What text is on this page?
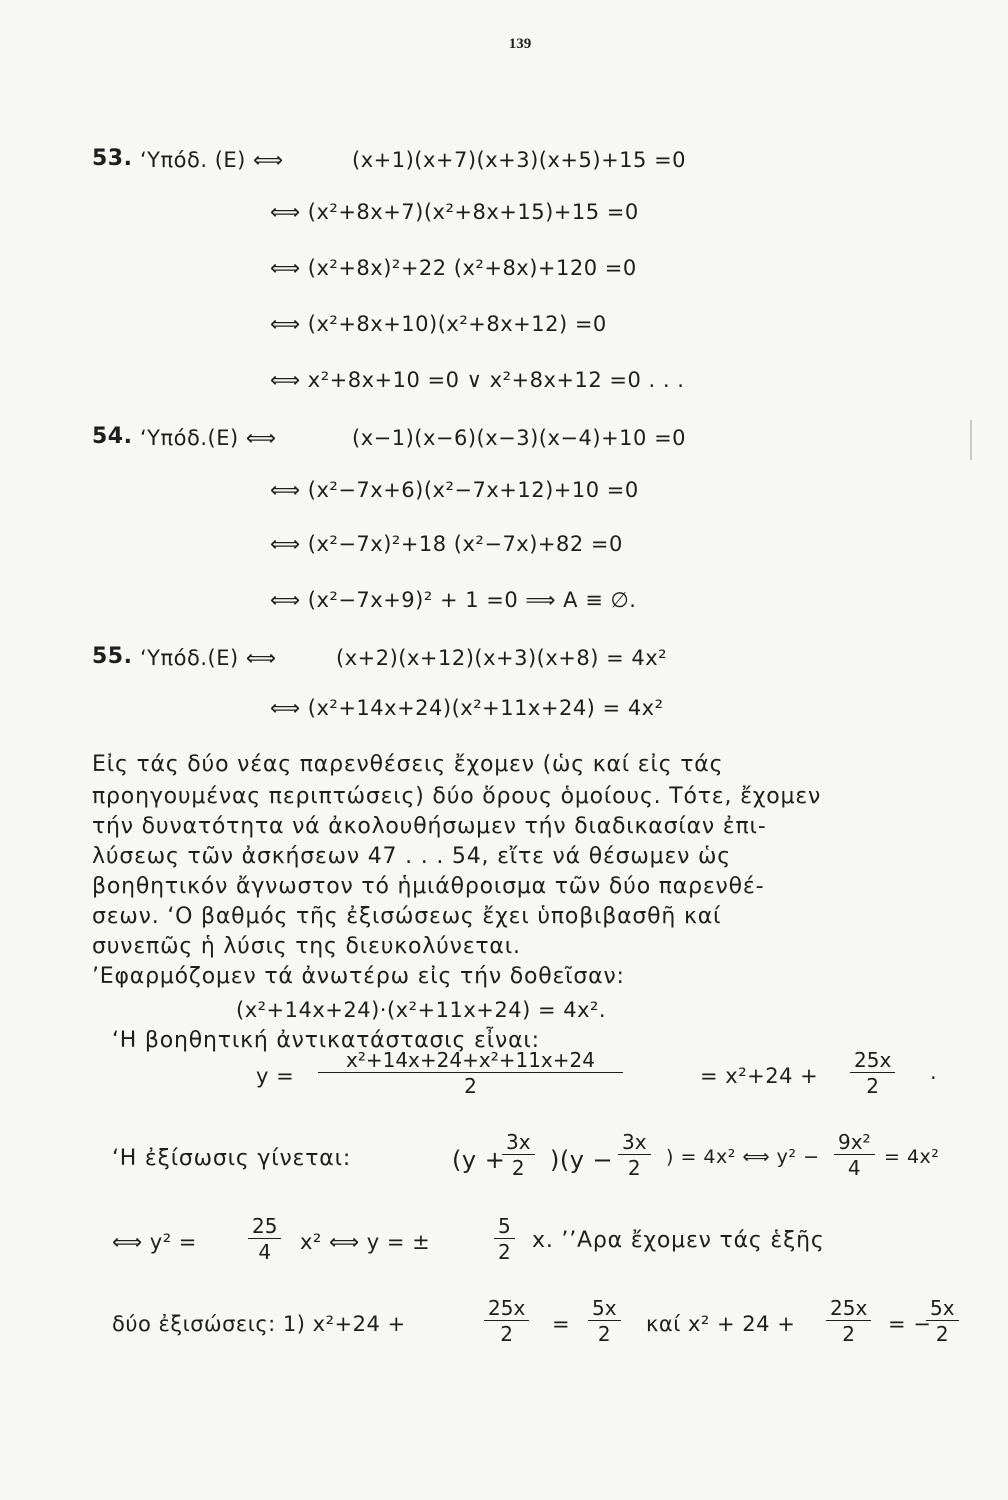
139
53. ‘Υπόδ. (Ε) ⟺	(x+1)(x+7)(x+3)(x+5)+15 =0
⟺ (x²+8x+7)(x²+8x+15)+15 =0
⟺ (x²+8x)²+22 (x²+8x)+120 =0
⟺ (x²+8x+10)(x²+8x+12) =0
⟺ x²+8x+10 =0 ∨ x²+8x+12 =0 . . .
54. ‘Υπόδ.(Ε) ⟺	(x−1)(x−6)(x−3)(x−4)+10 =0
⟺ (x²−7x+6)(x²−7x+12)+10 =0
⟺ (x²−7x)²+18 (x²−7x)+82 =0
⟺ (x²−7x+9)² + 1 =0 ⟹ A ≡ ∅.
55. ‘Υπόδ.(Ε) ⟺	(x+2)(x+12)(x+3)(x+8) = 4x²
⟺ (x²+14x+24)(x²+11x+24) = 4x²
Εἰς τάς δύο νέας παρενθέσεις ἔχομεν (ὡς καί εἰς τάς
προηγουμένας περιπτώσεις) δύο ὅρους ὁμοίους. Τότε, ἔχομεν
τήν δυνατότητα νά ἀκολουθήσωμεν τήν διαδικασίαν ἐπι-
λύσεως τῶν ἀσκήσεων 47 . . . 54, εἴτε νά θέσωμεν ὡς
βοηθητικόν ἄγνωστον τό ἡμιάθροισμα τῶν δύο παρενθέ-
σεων. ‘Ο βαθμός τῆς ἐξισώσεως ἔχει ὑποβιβασθῆ καί
συνεπῶς ἡ λύσις της διευκολύνεται.
’Εφαρμόζομεν τά ἀνωτέρω εἰς τήν δοθεῖσαν:
(x²+14x+24)·(x²+11x+24) = 4x².
‘Η βοηθητική ἀντικατάστασις εἶναι:
$y = \frac{\text{x²+14x+24+x²+11x+24}}{2}$	= $x^2+24 + \frac{25x}{2}$ .
‘Η ἐξίσωσις γίνεται:	(y +
$\frac{3x}{2} )(y - \frac{3x}{2}$ ) = 4x² ⟺ $y^2 - \frac{\text{9x²}}{4} = 4x^2$
⟺ y² =	$\frac{25}{4} x^2$ ⟺ y = ±	$\frac{5}{2} x$. ’’Αρα ἔχομεν τάς ἑξῆς
δύο ἐξισώσεις: 1) x²+24 +	$\frac{25x}{2} = \frac{5x}{2}$ καί $x^2 + 24 + \frac{25x}{2}$ = −
$\frac{5x}{2}$
